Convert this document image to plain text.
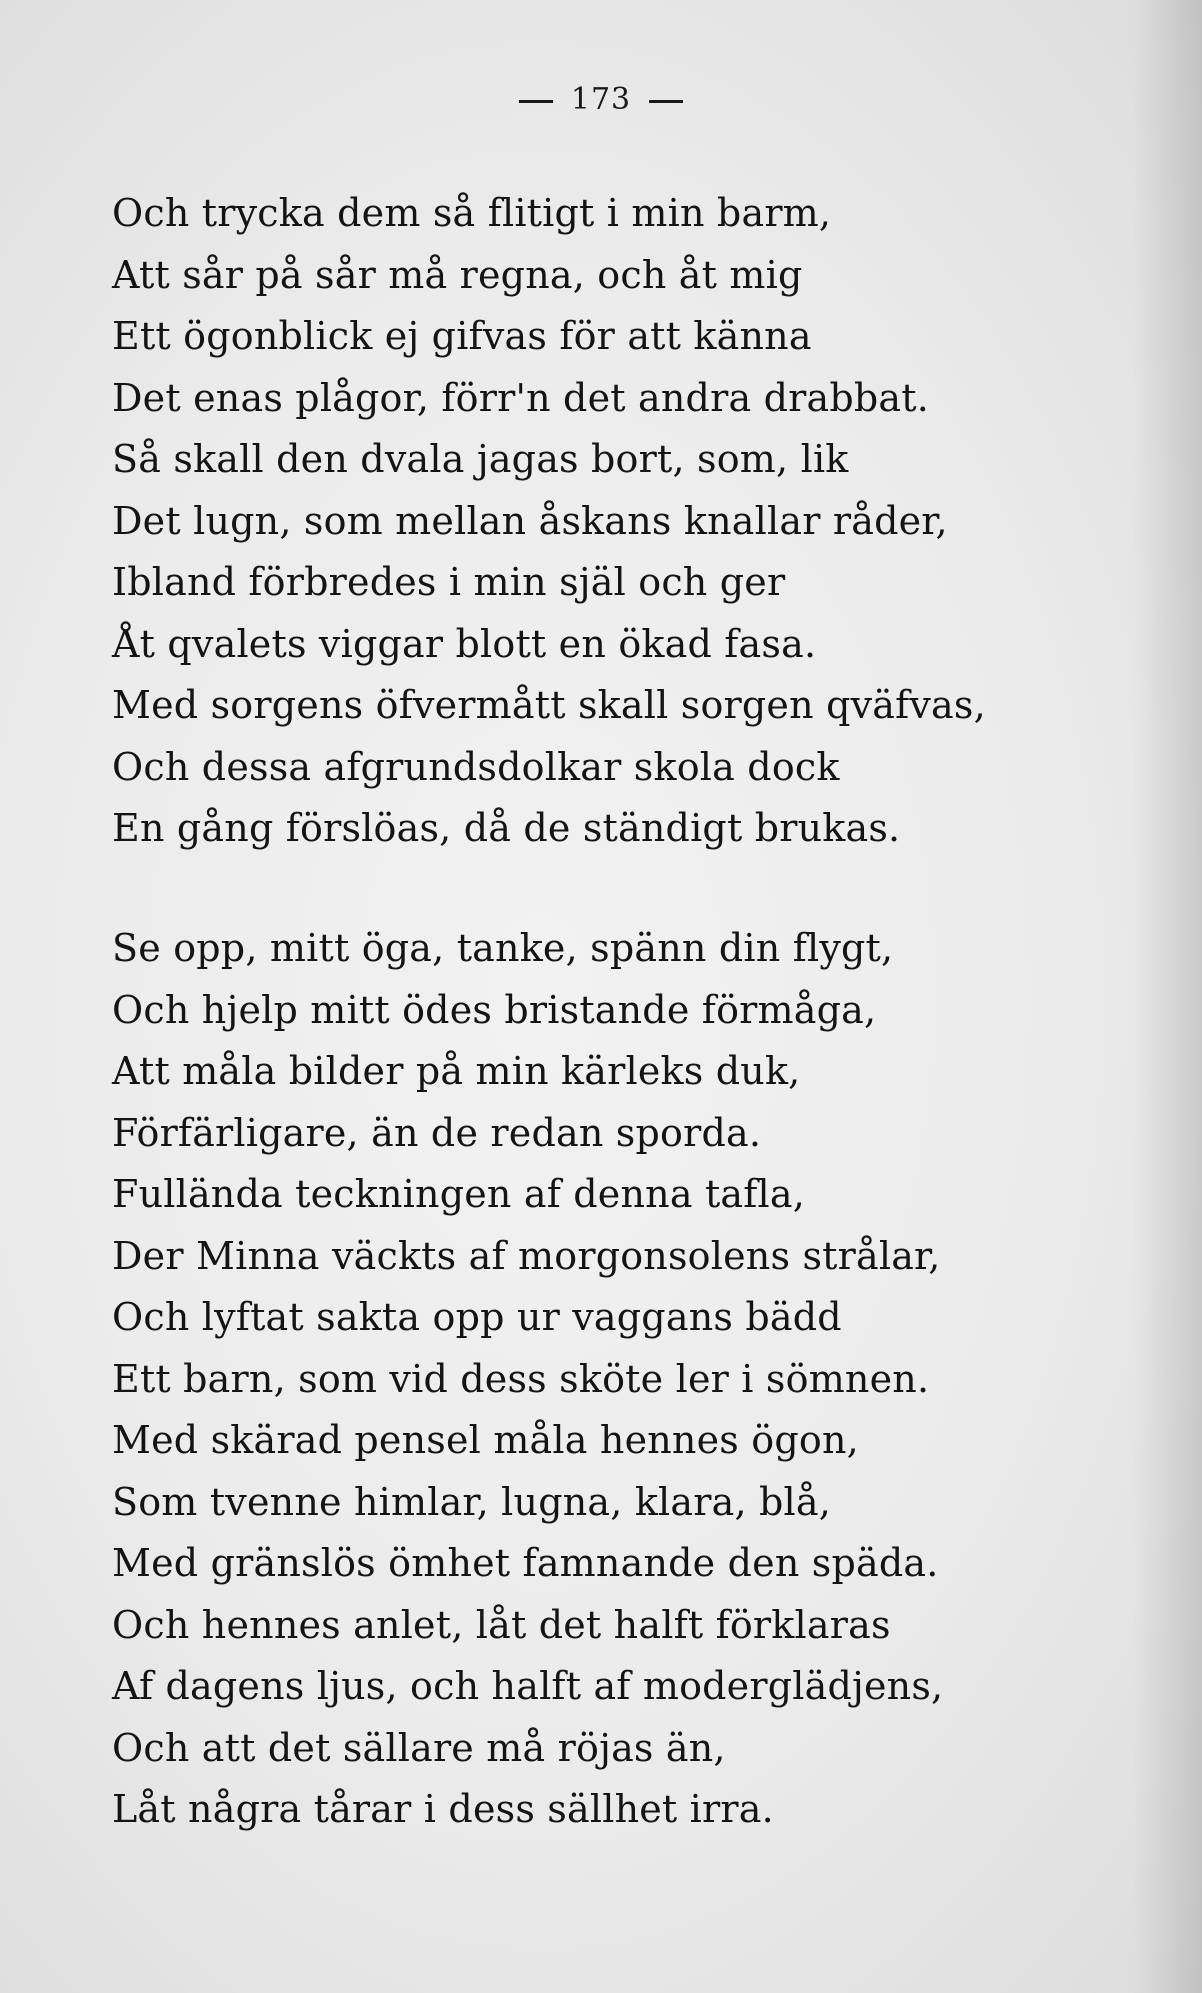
173
Och trycka dem så flitigt i min barm,
Att sår på sår må regna, och åt mig
Ett ögonblick ej gifvas för att känna
Det enas plågor, förr'n det andra drabbat.
Så skall den dvala jagas bort, som, lik
Det lugn, som mellan åskans knallar råder,
Ibland förbredes i min själ och ger
Åt qvalets viggar blott en ökad fasa.
Med sorgens öfvermått skall sorgen qväfvas,
Och dessa afgrundsdolkar skola dock
En gång förslöas, då de ständigt brukas.
Se opp, mitt öga, tanke, spänn din flygt,
Och hjelp mitt ödes bristande förmåga,
Att måla bilder på min kärleks duk,
Förfärligare, än de redan sporda.
Fullända teckningen af denna tafla,
Der Minna väckts af morgonsolens strålar,
Och lyftat sakta opp ur vaggans bädd
Ett barn, som vid dess sköte ler i sömnen.
Med skärad pensel måla hennes ögon,
Som tvenne himlar, lugna, klara, blå,
Med gränslös ömhet famnande den späda.
Och hennes anlet, låt det halft förklaras
Af dagens ljus, och halft af moderglädjens,
Och att det sällare må röjas än,
Låt några tårar i dess sällhet irra.
